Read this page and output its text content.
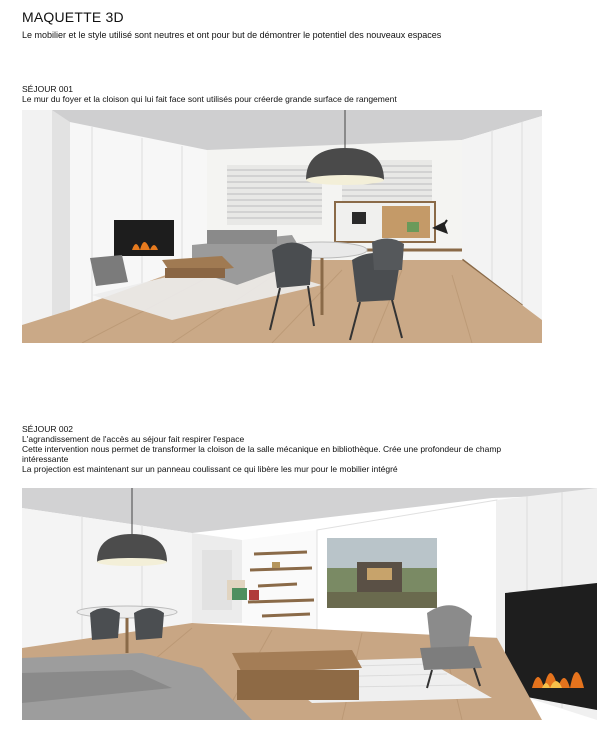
MAQUETTE 3D
Le mobilier et le style utilisé sont neutres et ont pour but de démontrer le potentiel des nouveaux espaces
SÉJOUR 001
Le mur du foyer et la cloison qui lui fait face sont utilisés pour créerde grande surface de rangement
SÉJOUR 002
L'agrandissement de l'accès au séjour fait respirer l'espace
Cette intervention nous permet de transformer la cloison de la salle mécanique en bibliothèque. Crée une profondeur de champ
intéressante
La projection est maintenant sur un panneau coulissant ce qui libère les mur pour le mobilier intégré
